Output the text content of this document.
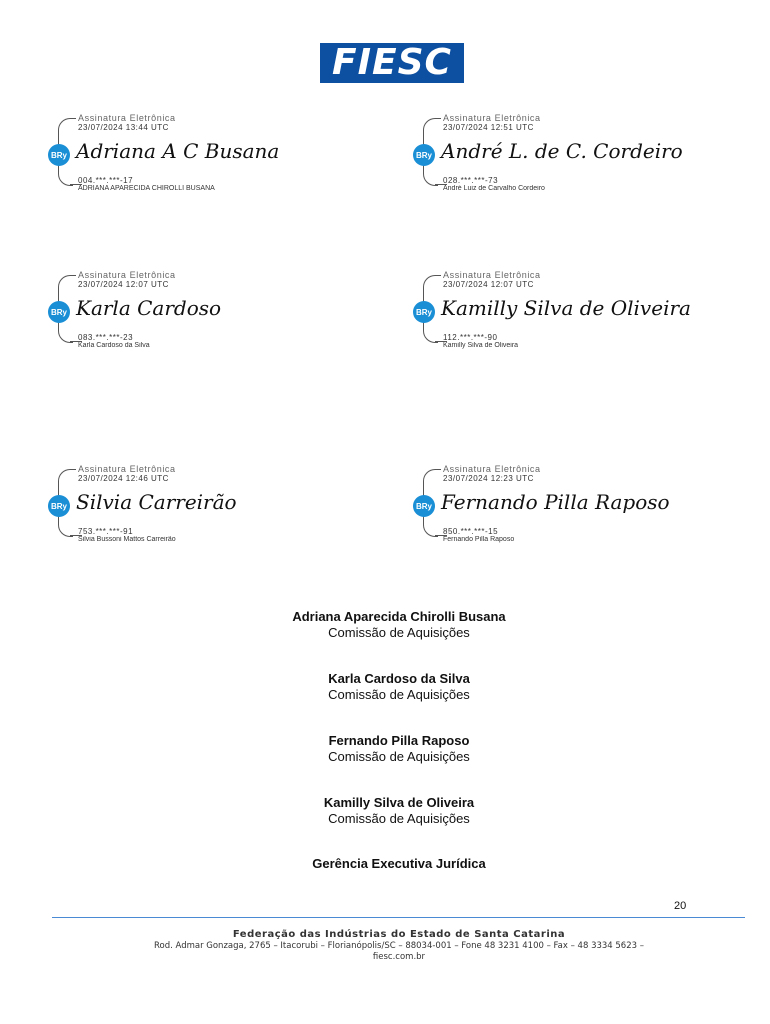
FIESC
Assinatura Eletrônica
23/07/2024 13:44 UTC
BRy Adriana A C Busana
004.***.***-17
ADRIANA APARECIDA CHIROLLI BUSANA
Assinatura Eletrônica
23/07/2024 12:51 UTC
BRy André L. de C. Cordeiro
028.***.***-73
André Luiz de Carvalho Cordeiro
Assinatura Eletrônica
23/07/2024 12:07 UTC
BRy Karla Cardoso
083.***.***-23
Karla Cardoso da Silva
Assinatura Eletrônica
23/07/2024 12:07 UTC
BRy Kamilly Silva de Oliveira
112.***.***-90
Kamilly Silva de Oliveira
Assinatura Eletrônica
23/07/2024 12:46 UTC
BRy Silvia Carreirão
753.***.***-91
Silvia Bussoni Mattos Carreirão
Assinatura Eletrônica
23/07/2024 12:23 UTC
BRy Fernando Pilla Raposo
850.***.***-15
Fernando Pilla Raposo
Adriana Aparecida Chirolli Busana
Comissão de Aquisições
Karla Cardoso da Silva
Comissão de Aquisições
Fernando Pilla Raposo
Comissão de Aquisições
Kamilly Silva de Oliveira
Comissão de Aquisições
Gerência Executiva Jurídica
20
Federação das Indústrias do Estado de Santa Catarina
Rod. Admar Gonzaga, 2765 – Itacorubi – Florianópolis/SC – 88034-001 – Fone 48 3231 4100 – Fax – 48 3334 5623 –
fiesc.com.br
